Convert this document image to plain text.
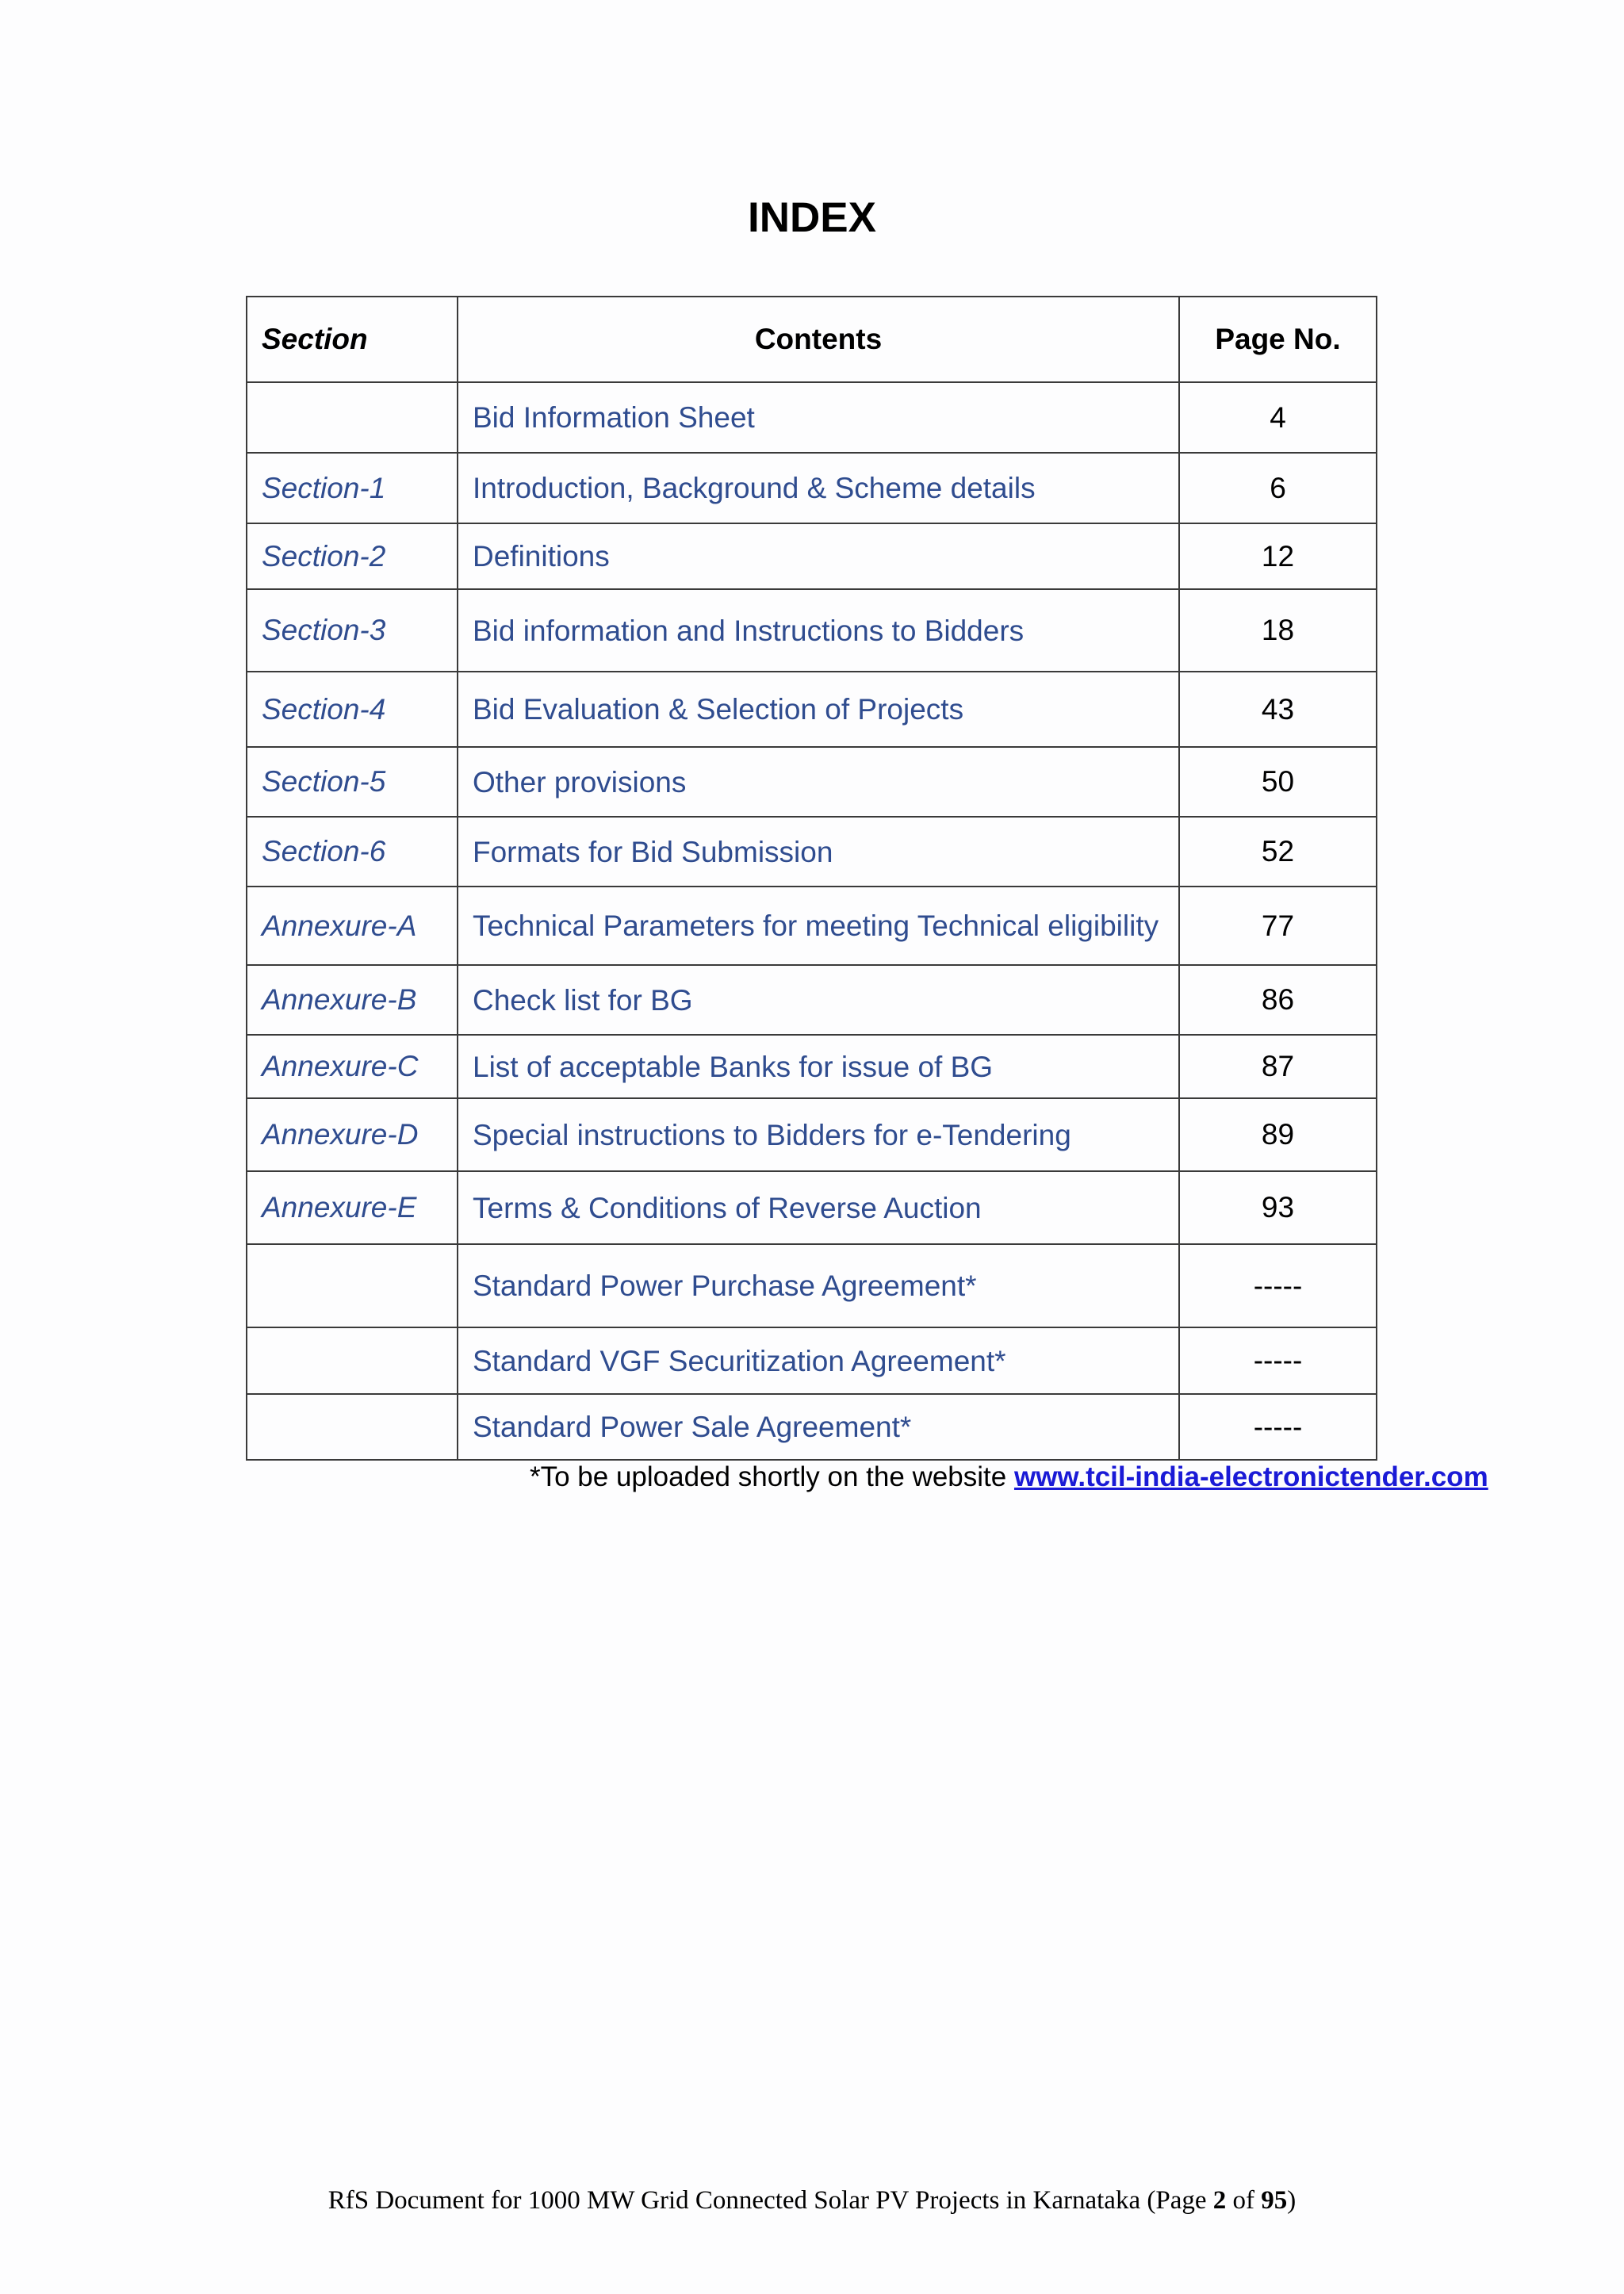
INDEX
Section	Contents	Page No.
	Bid Information Sheet	4
Section-1	Introduction, Background & Scheme details	6
Section-2	Definitions	12
Section-3	Bid information and Instructions to Bidders	18
Section-4	Bid Evaluation & Selection of Projects	43
Section-5	Other provisions	50
Section-6	Formats for Bid Submission	52
Annexure-A	Technical Parameters for meeting Technical eligibility	77
Annexure-B	Check list for BG	86
Annexure-C	List of acceptable Banks for issue of BG	87
Annexure-D	Special instructions to Bidders for e-Tendering	89
Annexure-E	Terms & Conditions of Reverse Auction	93
	Standard Power Purchase Agreement*	-----
	Standard VGF Securitization Agreement*	-----
	Standard Power Sale Agreement*	-----
*To be uploaded shortly on the website www.tcil-india-electronictender.com
RfS Document for 1000 MW Grid Connected Solar PV Projects in Karnataka (Page 2 of 95)
